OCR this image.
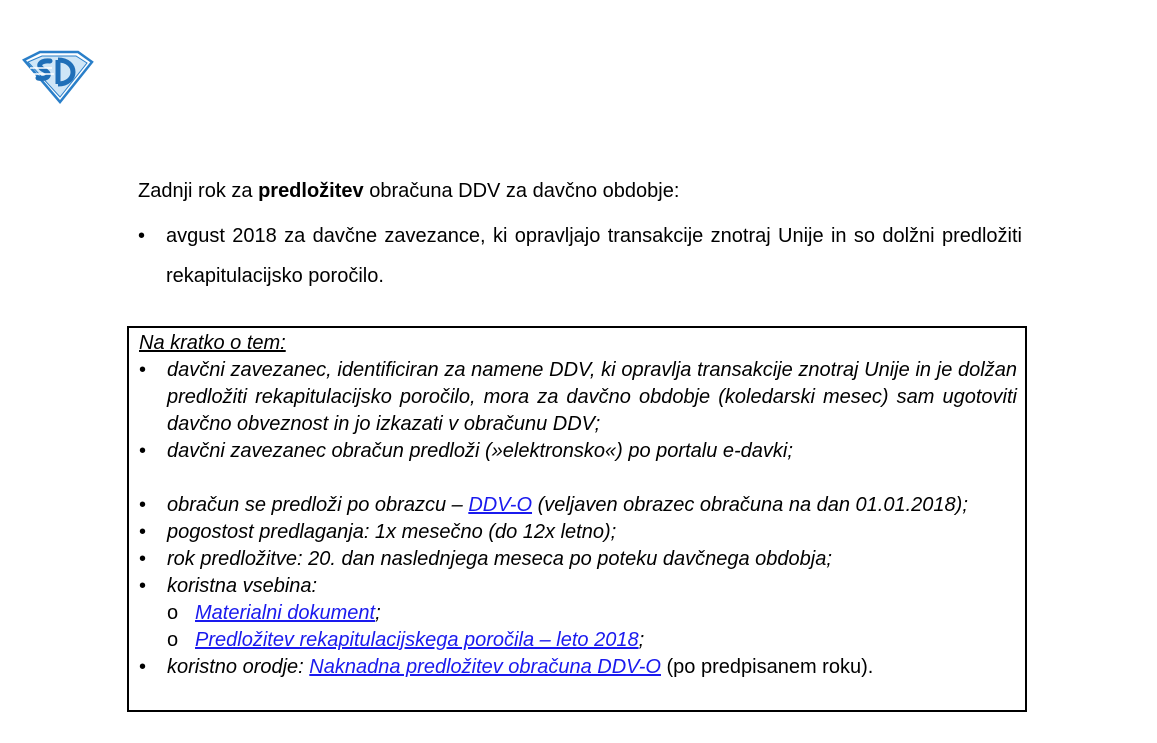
Zadnji rok za predložitev obračuna DDV za davčno obdobje:

•	avgust 2018 za davčne zavezance, ki opravljajo transakcije znotraj Unije in so dolžni predložiti rekapitulacijsko poročilo.

Na kratko o tem:

•	davčni zavezanec, identificiran za namene DDV, ki opravlja transakcije znotraj Unije in je dolžan predložiti rekapitulacijsko poročilo, mora za davčno obdobje (koledarski mesec) sam ugotoviti davčno obveznost in jo izkazati v obračunu DDV;
•	davčni zavezanec obračun predloži (»elektronsko«) po portalu e-davki;
•	obračun se predloži po obrazcu – DDV-O (veljaven obrazec obračuna na dan 01.01.2018);
•	pogostost predlaganja: 1x mesečno (do 12x letno);
•	rok predložitve: 20. dan naslednjega meseca po poteku davčnega obdobja;
•	koristna vsebina:
o Materialni dokument;
o Predložitev rekapitulacijskega poročila – leto 2018;
•	koristno orodje: Naknadna predložitev obračuna DDV-O (po predpisanem roku).
